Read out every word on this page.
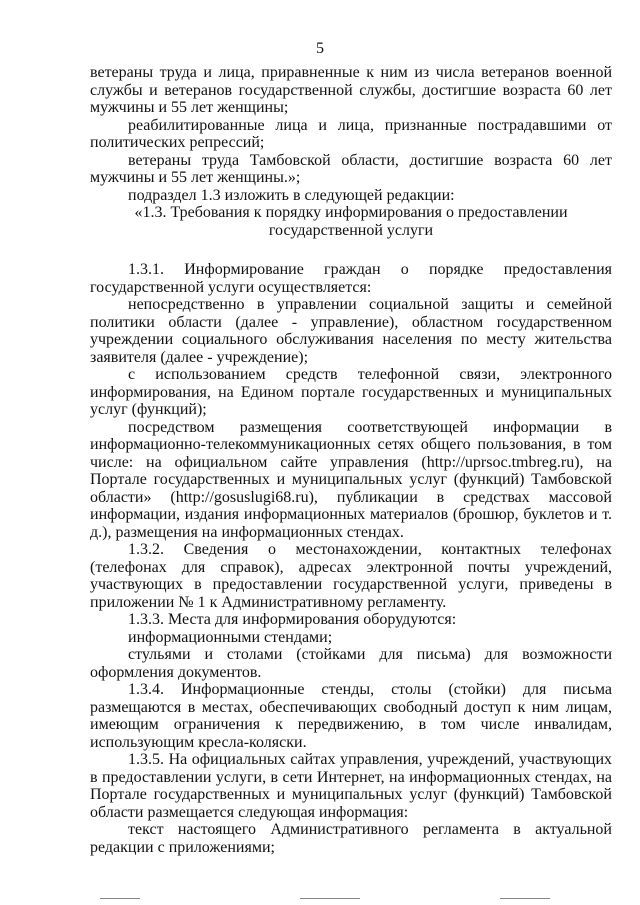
5

ветераны труда и лица, приравненные к ним из числа ветеранов военной службы и ветеранов государственной службы, достигшие возраста 60 лет мужчины и 55 лет женщины;

реабилитированные лица и лица, признанные пострадавшими от политических репрессий;

ветераны труда Тамбовской области, достигшие возраста 60 лет мужчины и 55 лет женщины.»;

подраздел 1.3 изложить в следующей редакции:

«1.3. Требования к порядку информирования о предоставлении государственной услуги

1.3.1. Информирование граждан о порядке предоставления государственной услуги осуществляется:

непосредственно в управлении социальной защиты и семейной политики области (далее - управление), областном государственном учреждении социального обслуживания населения по месту жительства заявителя (далее - учреждение);

с использованием средств телефонной связи, электронного информирования, на Едином портале государственных и муниципальных услуг (функций);

посредством размещения соответствующей информации в информационно-телекоммуникационных сетях общего пользования, в том числе: на официальном сайте управления (http://uprsoc.tmbreg.ru), на Портале государственных и муниципальных услуг (функций) Тамбовской области» (http://gosuslugi68.ru), публикации в средствах массовой информации, издания информационных материалов (брошюр, буклетов и т. д.), размещения на информационных стендах.

1.3.2. Сведения о местонахождении, контактных телефонах (телефонах для справок), адресах электронной почты учреждений, участвующих в предоставлении государственной услуги, приведены в приложении № 1 к Административному регламенту.

1.3.3. Места для информирования оборудуются:

информационными стендами;

стульями и столами (стойками для письма) для возможности оформления документов.

1.3.4. Информационные стенды, столы (стойки) для письма размещаются в местах, обеспечивающих свободный доступ к ним лицам, имеющим ограничения к передвижению, в том числе инвалидам, использующим кресла-коляски.

1.3.5. На официальных сайтах управления, учреждений, участвующих в предоставлении услуги, в сети Интернет, на информационных стендах, на Портале государственных и муниципальных услуг (функций) Тамбовской области размещается следующая информация:

текст настоящего Административного регламента в актуальной редакции с приложениями;
